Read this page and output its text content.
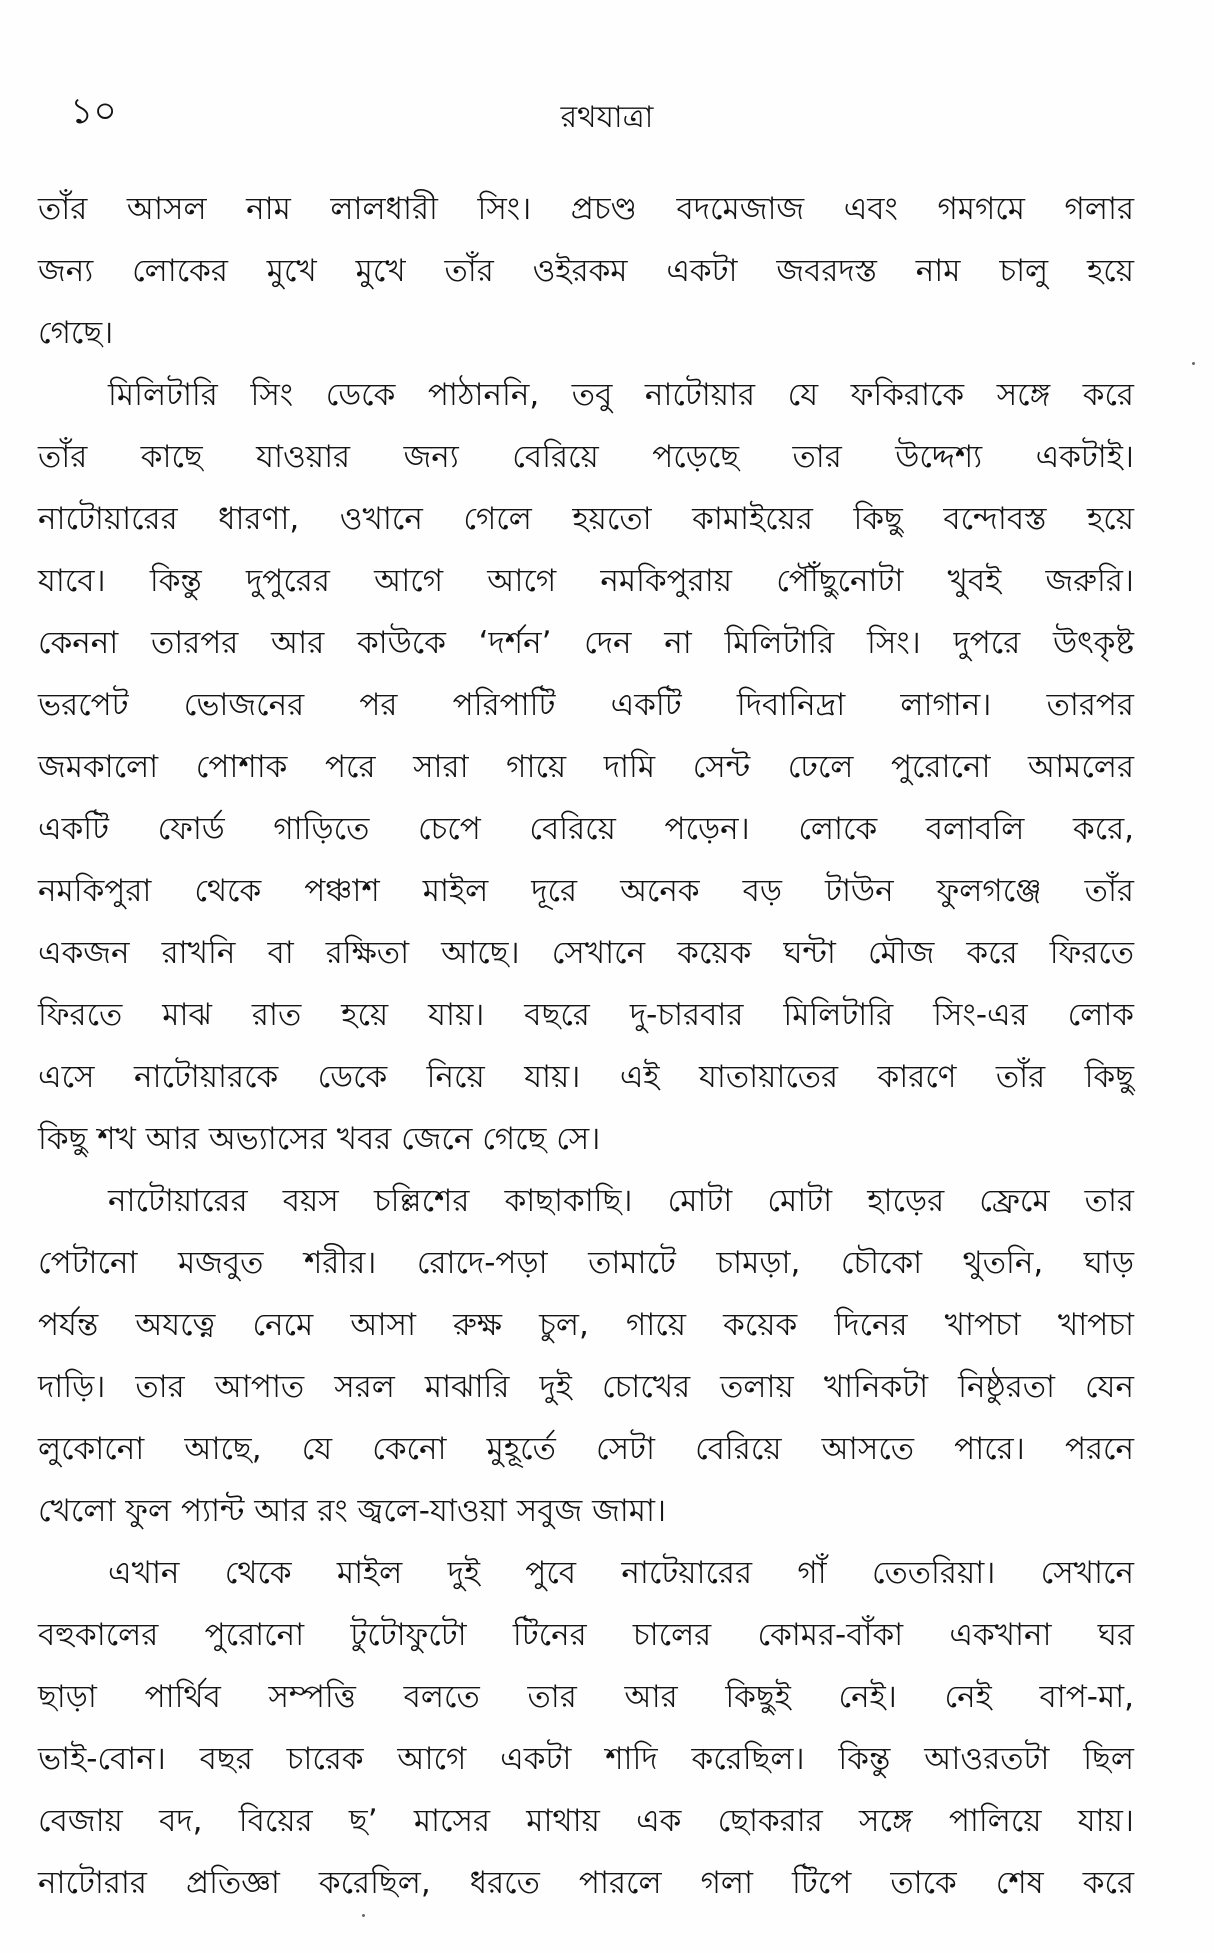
১০	রথযাত্রা
তাঁর আসল নাম লালধারী সিং। প্রচণ্ড বদমেজাজ এবং গমগমে গলার
জন্য লোকের মুখে মুখে তাঁর ওইরকম একটা জবরদস্ত নাম চালু হয়ে
গেছে।
মিলিটারি সিং ডেকে পাঠাননি, তবু নাটোয়ার যে ফকিরাকে সঙ্গে করে
তাঁর কাছে যাওয়ার জন্য বেরিয়ে পড়েছে তার উদ্দেশ্য একটাই।
নাটোয়ারের ধারণা, ওখানে গেলে হয়তো কামাইয়ের কিছু বন্দোবস্ত হয়ে
যাবে। কিন্তু দুপুরের আগে আগে নমকিপুরায় পৌঁছুনোটা খুবই জরুরি।
কেননা তারপর আর কাউকে ‘দর্শন’ দেন না মিলিটারি সিং। দুপরে উৎকৃষ্ট
ভরপেট ভোজনের পর পরিপাটি একটি দিবানিদ্রা লাগান। তারপর
জমকালো পোশাক পরে সারা গায়ে দামি সেন্ট ঢেলে পুরোনো আমলের
একটি ফোর্ড গাড়িতে চেপে বেরিয়ে পড়েন। লোকে বলাবলি করে,
নমকিপুরা থেকে পঞ্চাশ মাইল দূরে অনেক বড় টাউন ফুলগঞ্জে তাঁর
একজন রাখনি বা রক্ষিতা আছে। সেখানে কয়েক ঘন্টা মৌজ করে ফিরতে
ফিরতে মাঝ রাত হয়ে যায়। বছরে দু-চারবার মিলিটারি সিং-এর লোক
এসে নাটোয়ারকে ডেকে নিয়ে যায়। এই যাতায়াতের কারণে তাঁর কিছু
কিছু শখ আর অভ্যাসের খবর জেনে গেছে সে।
নাটোয়ারের বয়স চল্লিশের কাছাকাছি। মোটা মোটা হাড়ের ফ্রেমে তার
পেটানো মজবুত শরীর। রোদে-পড়া তামাটে চামড়া, চৌকো থুতনি, ঘাড়
পর্যন্ত অযত্নে নেমে আসা রুক্ষ চুল, গায়ে কয়েক দিনের খাপচা খাপচা
দাড়ি। তার আপাত সরল মাঝারি দুই চোখের তলায় খানিকটা নিষ্ঠুরতা যেন
লুকোনো আছে, যে কেনো মুহূর্তে সেটা বেরিয়ে আসতে পারে। পরনে
খেলো ফুল প্যান্ট আর রং জ্বলে-যাওয়া সবুজ জামা।
এখান থেকে মাইল দুই পুবে নাটেয়ারের গাঁ তেতরিয়া। সেখানে
বহুকালের পুরোনো টুটোফুটো টিনের চালের কোমর-বাঁকা একখানা ঘর
ছাড়া পার্থিব সম্পত্তি বলতে তার আর কিছুই নেই। নেই বাপ-মা,
ভাই-বোন। বছর চারেক আগে একটা শাদি করেছিল। কিন্তু আওরতটা ছিল
বেজায় বদ, বিয়ের ছ’ মাসের মাথায় এক ছোকরার সঙ্গে পালিয়ে যায়।
নাটোরার প্রতিজ্ঞা করেছিল, ধরতে পারলে গলা টিপে তাকে শেষ করে
